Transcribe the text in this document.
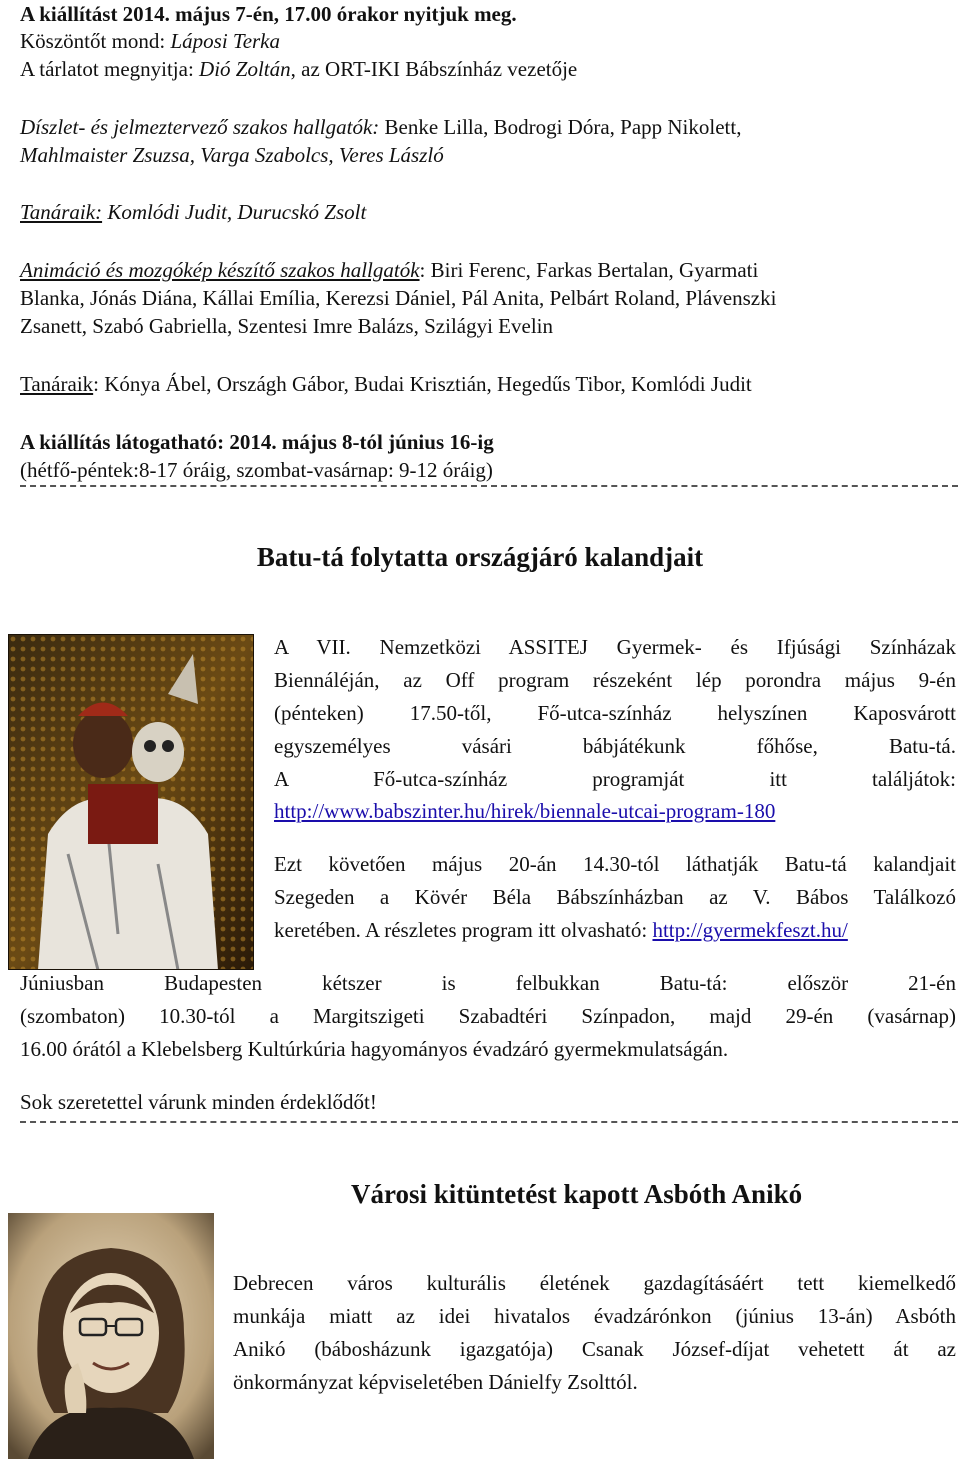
A kiállítást 2014. május 7-én, 17.00 órakor nyitjuk meg.
Köszöntőt mond: Láposi Terka
A tárlatot megnyitja: Dió Zoltán, az ORT-IKI Bábszínház vezetője
Díszlet- és jelmeztervező szakos hallgatók: Benke Lilla, Bodrogi Dóra, Papp Nikolett,
Mahlmaister Zsuzsa, Varga Szabolcs, Veres László
Tanáraik: Komlódi Judit, Durucskó Zsolt
Animáció és mozgókép készítő szakos hallgatók: Biri Ferenc, Farkas Bertalan, Gyarmati
Blanka, Jónás Diána, Kállai Emília, Kerezsi Dániel, Pál Anita, Pelbárt Roland, Plávenszki
Zsanett, Szabó Gabriella, Szentesi Imre Balázs, Szilágyi Evelin
Tanáraik: Kónya Ábel, Országh Gábor, Budai Krisztián, Hegedűs Tibor, Komlódi Judit
A kiállítás látogatható: 2014. május 8-tól június 16-ig
(hétfő-péntek:8-17 óráig, szombat-vasárnap: 9-12 óráig)
Batu-tá folytatta országjáró kalandjait
A VII. Nemzetközi ASSITEJ Gyermek- és Ifjúsági Színházak
Biennáléján, az Off program részeként lép porondra május 9-én
(pénteken) 17.50-től, Fő-utca-színház helyszínen Kaposvárott
egyszemélyes vásári bábjátékunk főhőse, Batu-tá.
A Fő-utca-színház programját itt találjátok:
http://www.babszinter.hu/hirek/biennale-utcai-program-180
Ezt követően május 20-án 14.30-tól láthatják Batu-tá kalandjait
Szegeden a Kövér Béla Bábszínházban az V. Bábos Találkozó
keretében. A részletes program itt olvasható: http://gyermekfeszt.hu/
Júniusban Budapesten kétszer is felbukkan Batu-tá: először 21-én
(szombaton) 10.30-tól a Margitszigeti Szabadtéri Színpadon, majd 29-én (vasárnap)
16.00 órától a Klebelsberg Kultúrkúria hagyományos évadzáró gyermekmulatságán.
Sok szeretettel várunk minden érdeklődőt!
Városi kitüntetést kapott Asbóth Anikó
Debrecen város kulturális életének gazdagításáért tett kiemelkedő
munkája miatt az idei hivatalos évadzárónkon (június 13-án) Asbóth
Anikó (bábosházunk igazgatója) Csanak József-díjat vehetett át az
önkormányzat képviseletében Dánielfy Zsolttól.
